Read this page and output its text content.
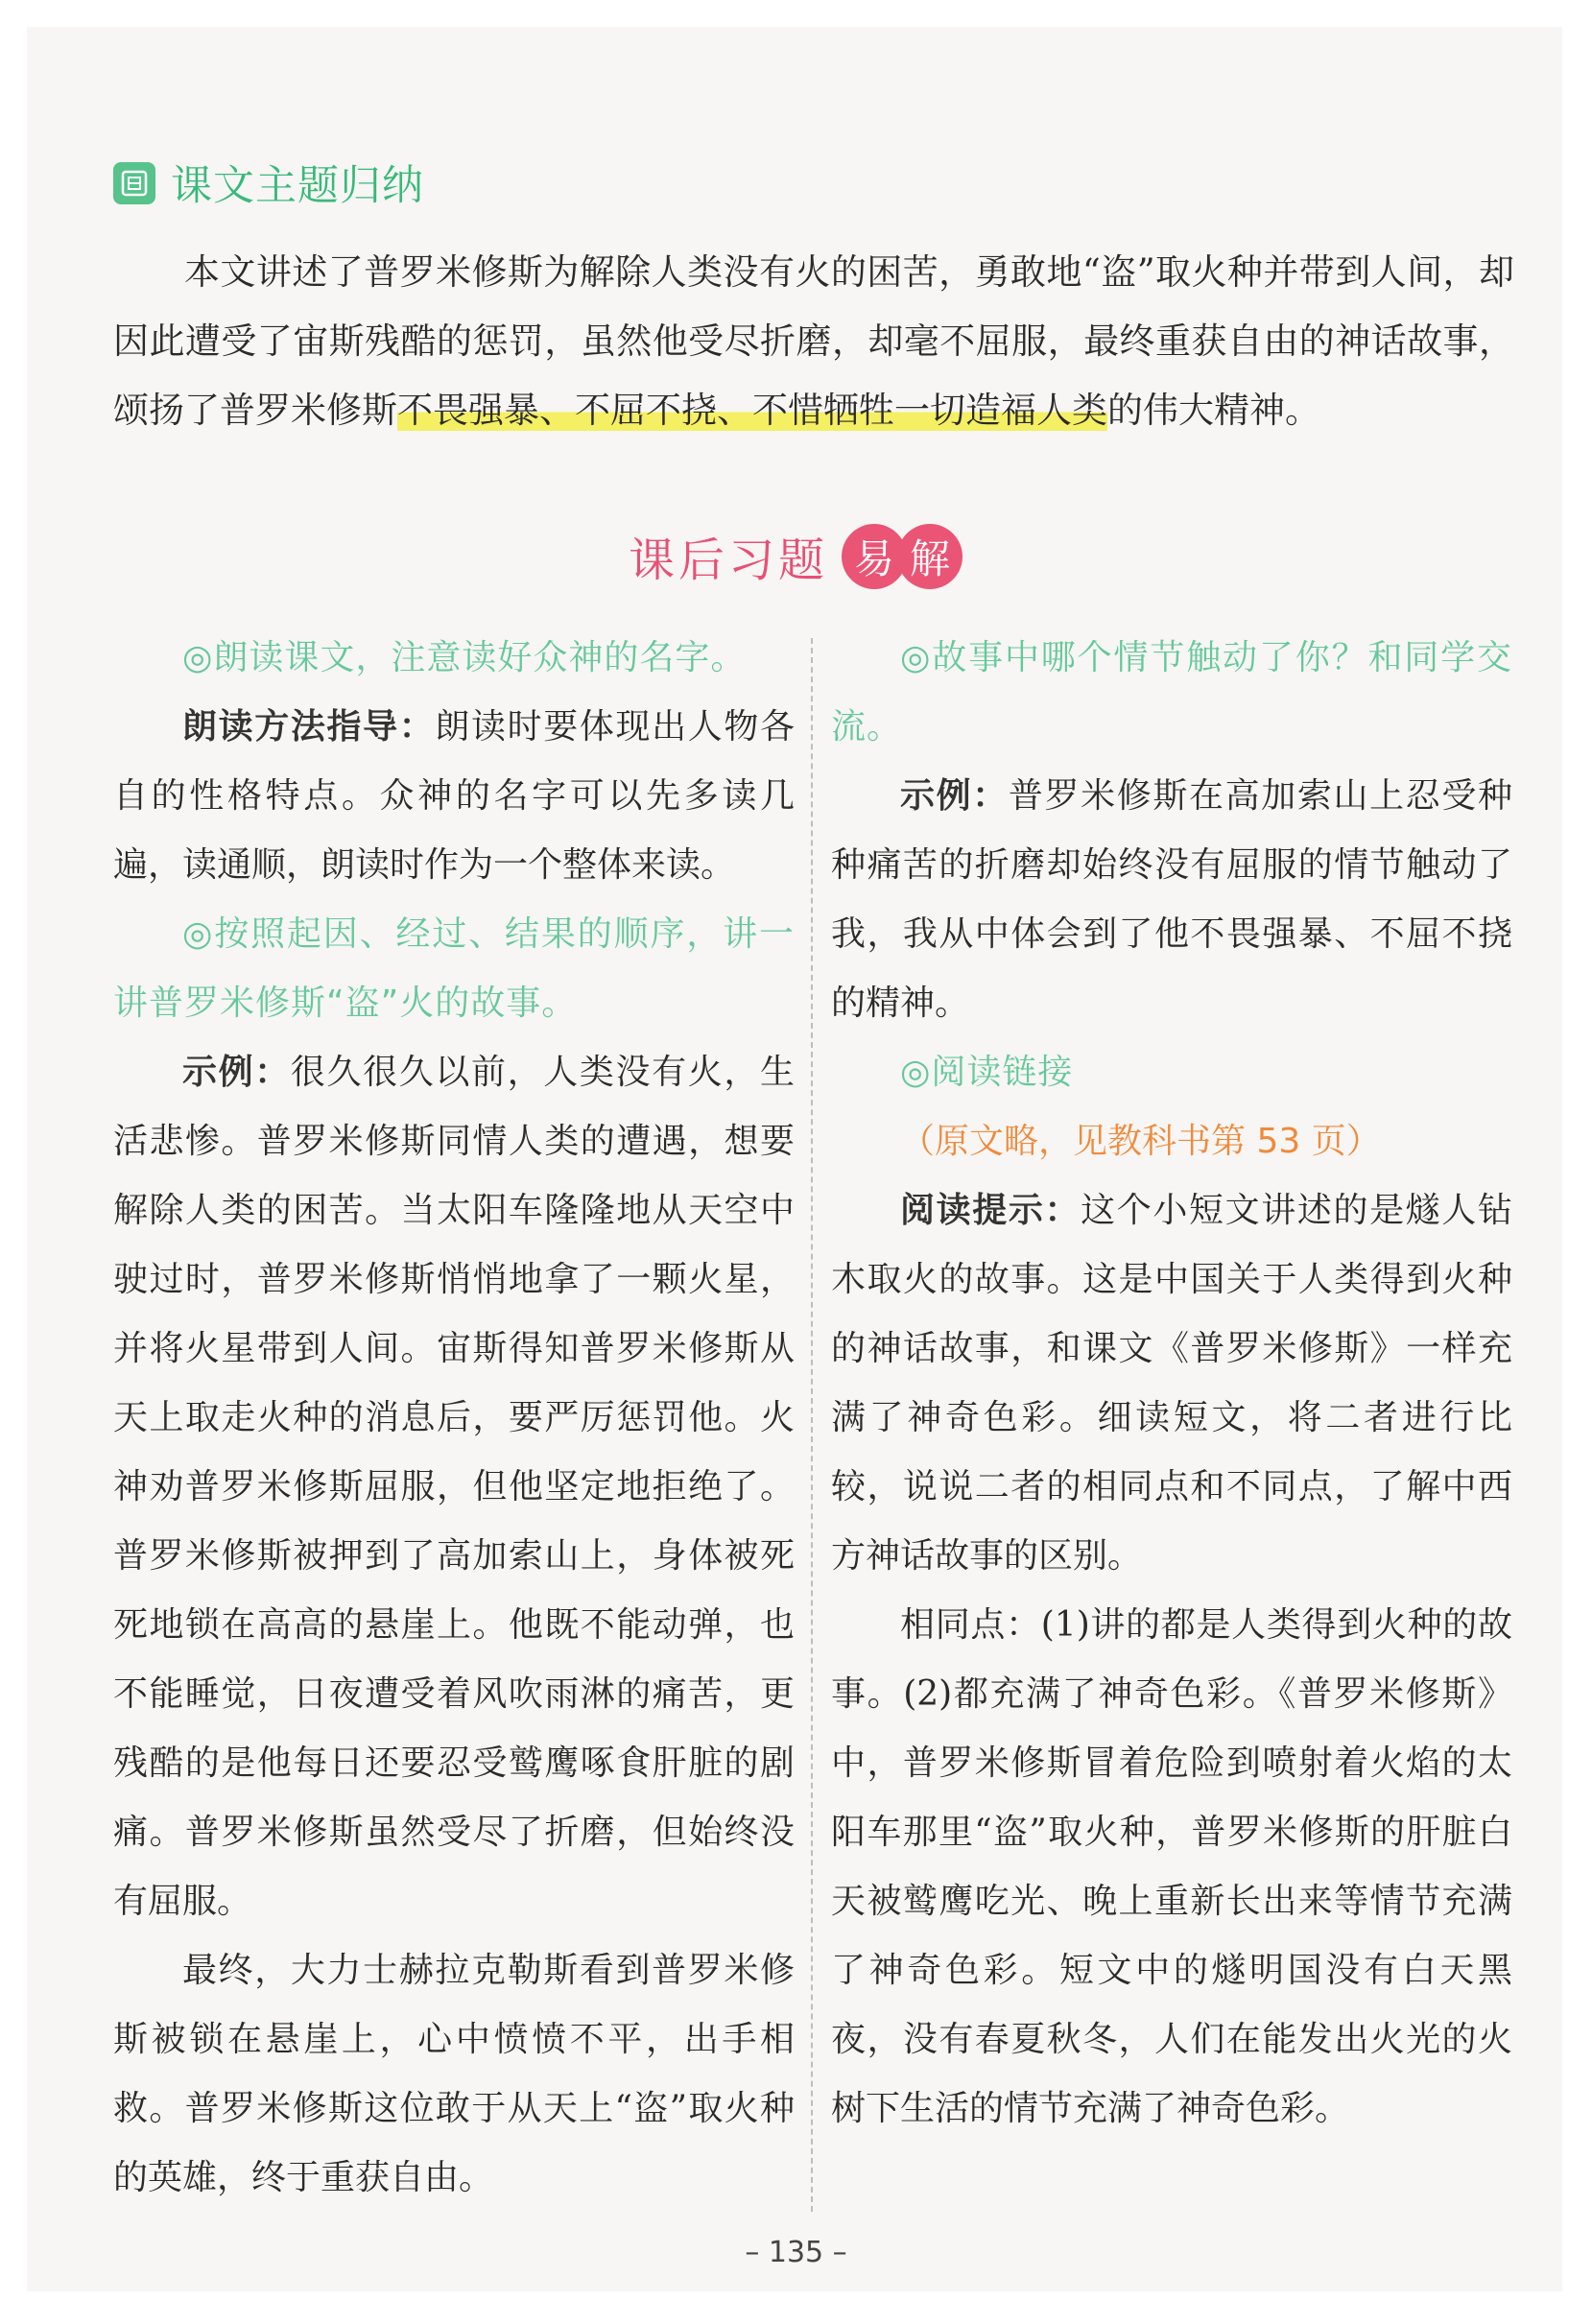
课文主题归纳
本文讲述了普罗米修斯为解除人类没有火的困苦，勇敢地“盗”取火种并带到人间，却因此遭受了宙斯残酷的惩罚，虽然他受尽折磨，却毫不屈服，最终重获自由的神话故事，颂扬了普罗米修斯不畏强暴、不屈不挠、不惜牺牲一切造福人类的伟大精神。
课后习题 易 解

◎朗读课文，注意读好众神的名字。

朗读方法指导：朗读时要体现出人物各自的性格特点。众神的名字可以先多读几遍，读通顺，朗读时作为一个整体来读。

◎按照起因、经过、结果的顺序，讲一讲普罗米修斯“盗”火的故事。

示例：很久很久以前，人类没有火，生活悲惨。普罗米修斯同情人类的遭遇，想要解除人类的困苦。当太阳车隆隆地从天空中驶过时，普罗米修斯悄悄地拿了一颗火星，并将火星带到人间。宙斯得知普罗米修斯从天上取走火种的消息后，要严厉惩罚他。火神劝普罗米修斯屈服，但他坚定地拒绝了。普罗米修斯被押到了高加索山上，身体被死死地锁在高高的悬崖上。他既不能动弹，也不能睡觉，日夜遭受着风吹雨淋的痛苦，更残酷的是他每日还要忍受鹫鹰啄食肝脏的剧痛。普罗米修斯虽然受尽了折磨，但始终没有屈服。

最终，大力士赫拉克勒斯看到普罗米修斯被锁在悬崖上，心中愤愤不平，出手相救。普罗米修斯这位敢于从天上“盗”取火种的英雄，终于重获自由。

◎故事中哪个情节触动了你？和同学交流。

示例：普罗米修斯在高加索山上忍受种种痛苦的折磨却始终没有屈服的情节触动了我，我从中体会到了他不畏强暴、不屈不挠的精神。

◎阅读链接

（原文略，见教科书第 53 页）

阅读提示：这个小短文讲述的是燧人钻木取火的故事。这是中国关于人类得到火种的神话故事，和课文《普罗米修斯》一样充满了神奇色彩。细读短文，将二者进行比较，说说二者的相同点和不同点，了解中西方神话故事的区别。

相同点：(1)讲的都是人类得到火种的故事。(2)都充满了神奇色彩。《普罗米修斯》中，普罗米修斯冒着危险到喷射着火焰的太阳车那里“盗”取火种，普罗米修斯的肝脏白天被鹫鹰吃光、晚上重新长出来等情节充满了神奇色彩。短文中的燧明国没有白天黑夜，没有春夏秋冬，人们在能发出火光的火树下生活的情节充满了神奇色彩。

– 135 –
